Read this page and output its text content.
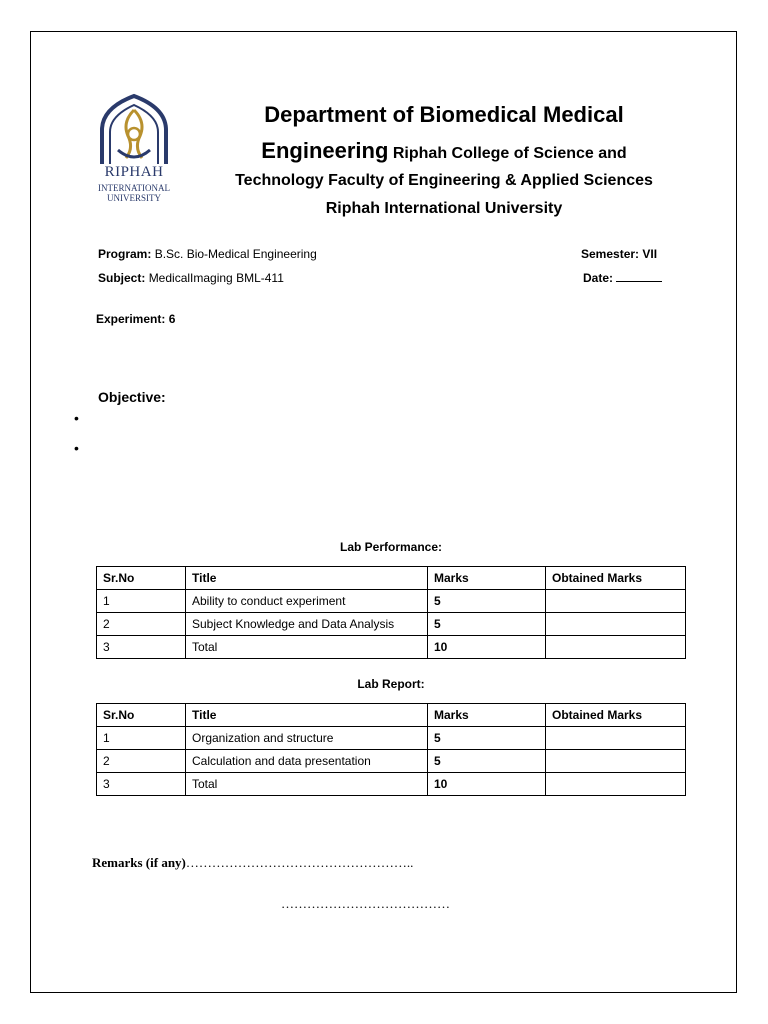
RIPHAH
INTERNATIONAL
UNIVERSITY
Department of Biomedical Medical
Engineering Riphah College of Science and
Technology Faculty of Engineering & Applied Sciences
Riphah International University
Program: B.Sc. Bio-Medical Engineering
Subject: MedicalImaging BML-411
Semester: VII
Date:
Experiment: 6
Objective:
•
•
Lab Performance:
Sr.No	Title	Marks	Obtained Marks
1	Ability to conduct experiment	5	
2	Subject Knowledge and Data Analysis	5	
3	Total	10	
Lab Report:
Sr.No	Title	Marks	Obtained Marks
1	Organization and structure	5	
2	Calculation and data presentation	5	
3	Total	10	
Remarks (if any)……………………………………………..
…………………………………
